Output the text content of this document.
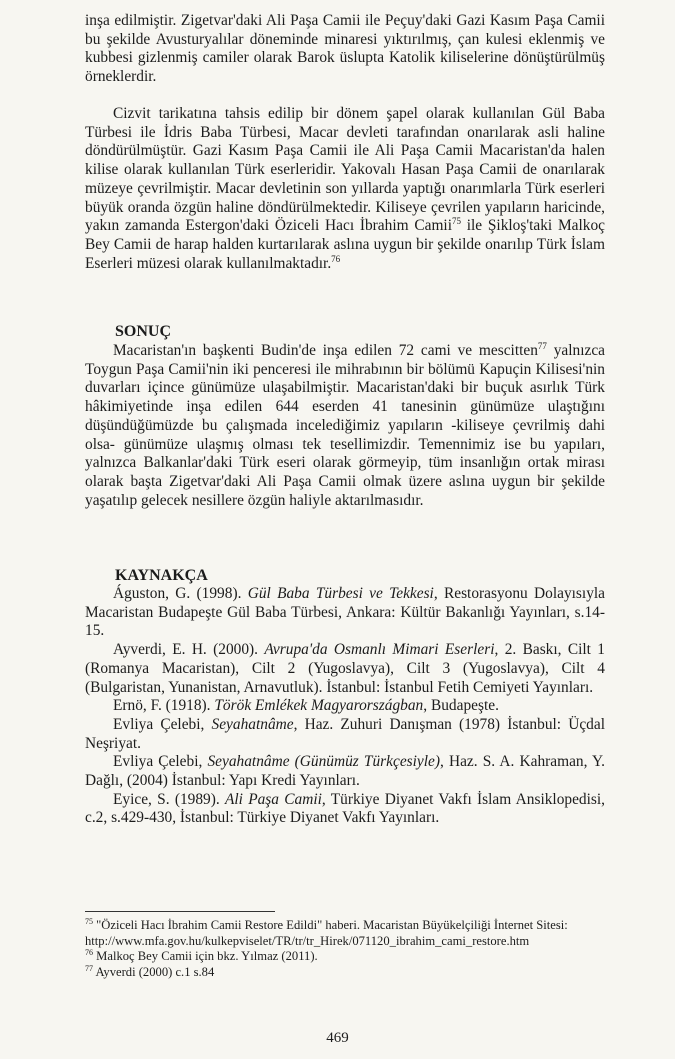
inşa edilmiştir. Zigetvar'daki Ali Paşa Camii ile Peçuy'daki Gazi Kasım Paşa Camii bu şekilde Avusturyalılar döneminde minaresi yıktırılmış, çan kulesi eklenmiş ve kubbesi gizlenmiş camiler olarak Barok üslupta Katolik kiliselerine dönüştürülmüş örneklerdir.

Cizvit tarikatına tahsis edilip bir dönem şapel olarak kullanılan Gül Baba Türbesi ile İdris Baba Türbesi, Macar devleti tarafından onarılarak asli haline döndürülmüştür. Gazi Kasım Paşa Camii ile Ali Paşa Camii Macaristan'da halen kilise olarak kullanılan Türk eserleridir. Yakovalı Hasan Paşa Camii de onarılarak müzeye çevrilmiştir. Macar devletinin son yıllarda yaptığı onarımlarla Türk eserleri büyük oranda özgün haline döndürülmektedir. Kiliseye çevrilen yapıların haricinde, yakın zamanda Estergon'daki Öziceli Hacı İbrahim Camii$^{75}$ ile Şikloş'taki Malkoç Bey Camii de harap halden kurtarılarak aslına uygun bir şekilde onarılıp Türk İslam Eserleri müzesi olarak kullanılmaktadır.$^{76}$

SONUÇ

Macaristan'ın başkenti Budin'de inşa edilen 72 cami ve mescitten$^{77}$ yalnızca Toygun Paşa Camii'nin iki penceresi ile mihrabının bir bölümü Kapuçin Kilisesi'nin duvarları içince günümüze ulaşabilmiştir. Macaristan'daki bir buçuk asırlık Türk hâkimiyetinde inşa edilen 644 eserden 41 tanesinin günümüze ulaştığını düşündüğümüzde bu çalışmada incelediğimiz yapıların -kiliseye çevrilmiş dahi olsa- günümüze ulaşmış olması tek tesellimizdir. Temennimiz ise bu yapıları, yalnızca Balkanlar'daki Türk eseri olarak görmeyip, tüm insanlığın ortak mirası olarak başta Zigetvar'daki Ali Paşa Camii olmak üzere aslına uygun bir şekilde yaşatılıp gelecek nesillere özgün haliyle aktarılmasıdır.

KAYNAKÇA

Águston, G. (1998). Gül Baba Türbesi ve Tekkesi, Restorasyonu Dolayısıyla Macaristan Budapeşte Gül Baba Türbesi, Ankara: Kültür Bakanlığı Yayınları, s.14-15.

Ayverdi, E. H. (2000). Avrupa'da Osmanlı Mimari Eserleri, 2. Baskı, Cilt 1 (Romanya Macaristan), Cilt 2 (Yugoslavya), Cilt 3 (Yugoslavya), Cilt 4 (Bulgaristan, Yunanistan, Arnavutluk). İstanbul: İstanbul Fetih Cemiyeti Yayınları.

Ernö, F. (1918). Török Emlékek Magyarországban, Budapeşte.

Evliya Çelebi, Seyahatnâme, Haz. Zuhuri Danışman (1978) İstanbul: Üçdal Neşriyat.

Evliya Çelebi, Seyahatnâme (Günümüz Türkçesiyle), Haz. S. A. Kahraman, Y. Dağlı, (2004) İstanbul: Yapı Kredi Yayınları.

Eyice, S. (1989). Ali Paşa Camii, Türkiye Diyanet Vakfı İslam Ansiklopedisi, c.2, s.429-430, İstanbul: Türkiye Diyanet Vakfı Yayınları.

$^{75}$ "Öziceli Hacı İbrahim Camii Restore Edildi" haberi. Macaristan Büyükelçiliği İnternet Sitesi: http://www.mfa.gov.hu/kulkepviselet/TR/tr/tr_Hirek/071120_ibrahim_cami_restore.htm

$^{76}$ Malkoç Bey Camii için bkz. Yılmaz (2011).

$^{77}$ Ayverdi (2000) c.1 s.84

469
